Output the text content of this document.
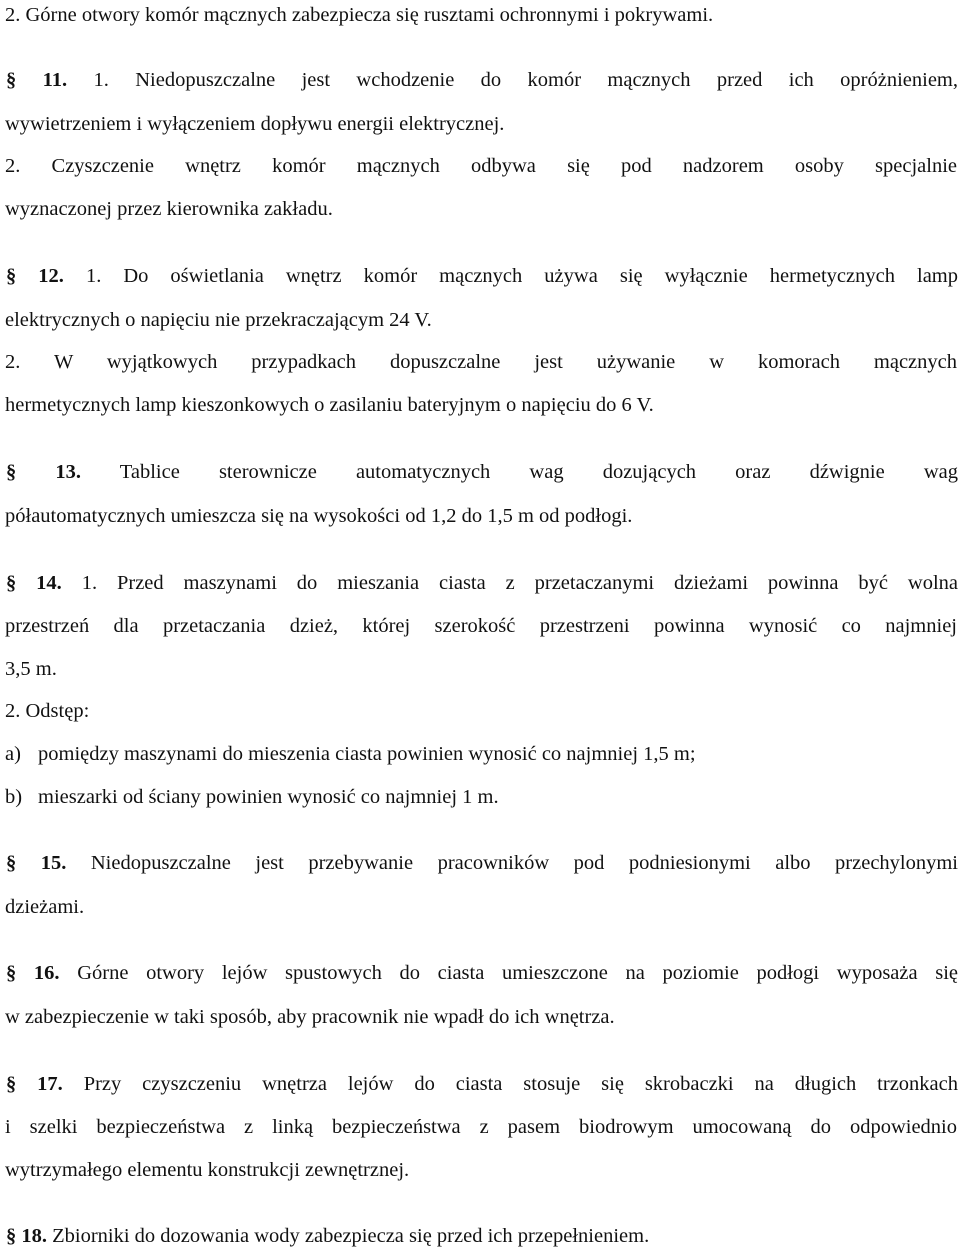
2. Górne otwory komór mącznych zabezpiecza się rusztami ochronnymi i pokrywami.
§ 11. 1. Niedopuszczalne jest wchodzenie do komór mącznych przed ich opróżnieniem,
wywietrzeniem i wyłączeniem dopływu energii elektrycznej.
2. Czyszczenie wnętrz komór mącznych odbywa się pod nadzorem osoby specjalnie
wyznaczonej przez kierownika zakładu.
§ 12. 1. Do oświetlania wnętrz komór mącznych używa się wyłącznie hermetycznych lamp
elektrycznych o napięciu nie przekraczającym 24 V.
2. W wyjątkowych przypadkach dopuszczalne jest używanie w komorach mącznych
hermetycznych lamp kieszonkowych o zasilaniu bateryjnym o napięciu do 6 V.
§ 13. Tablice sterownicze automatycznych wag dozujących oraz dźwignie wag
półautomatycznych umieszcza się na wysokości od 1,2 do 1,5 m od podłogi.
§ 14. 1. Przed maszynami do mieszania ciasta z przetaczanymi dzieżami powinna być wolna
przestrzeń dla przetaczania dzież, której szerokość przestrzeni powinna wynosić co najmniej
3,5 m.
2. Odstęp:
a) pomiędzy maszynami do mieszenia ciasta powinien wynosić co najmniej 1,5 m;
b) mieszarki od ściany powinien wynosić co najmniej 1 m.
§ 15. Niedopuszczalne jest przebywanie pracowników pod podniesionymi albo przechylonymi
dzieżami.
§ 16. Górne otwory lejów spustowych do ciasta umieszczone na poziomie podłogi wyposaża się
w zabezpieczenie w taki sposób, aby pracownik nie wpadł do ich wnętrza.
§ 17. Przy czyszczeniu wnętrza lejów do ciasta stosuje się skrobaczki na długich trzonkach
i szelki bezpieczeństwa z linką bezpieczeństwa z pasem biodrowym umocowaną do odpowiednio
wytrzymałego elementu konstrukcji zewnętrznej.
§ 18. Zbiorniki do dozowania wody zabezpiecza się przed ich przepełnieniem.
